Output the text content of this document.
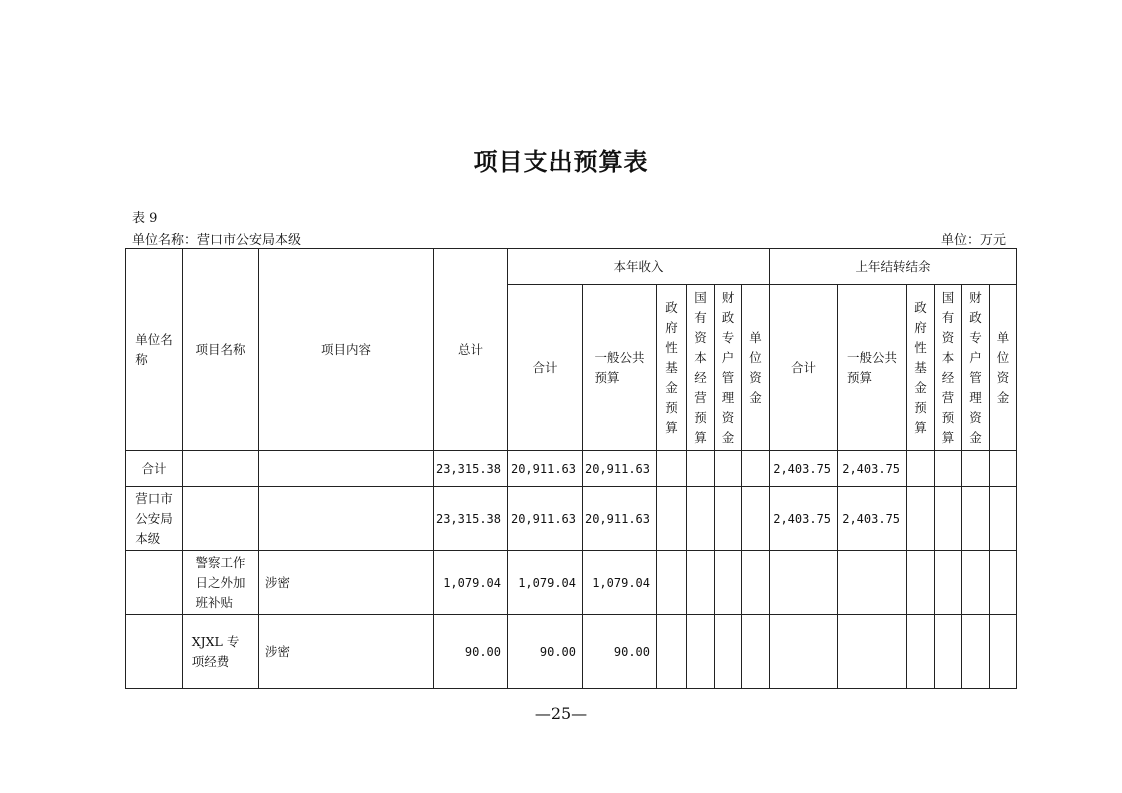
项目支出预算表
表 9
单位名称：营口市公安局本级	单位：万元
单位名称	项目名称	项目内容	总计	本年收入						上年结转结余					
				合计	一般公共预算	政府性基金预算	国有资本经营预算	财政专户管理资金	单位资金	合计	一般公共预算	政府性基金预算	国有资本经营预算	财政专户管理资金	单位资金

合计			23,315.38	20,911.63	20,911.63					2,403.75	2,403.75				
营口市公安局本级			23,315.38	20,911.63	20,911.63					2,403.75	2,403.75				
	警察工作日之外加班补贴	涉密	1,079.04	1,079.04	1,079.04										
	XJXL 专项经费	涉密	90.00	90.00	90.00										
—25—
